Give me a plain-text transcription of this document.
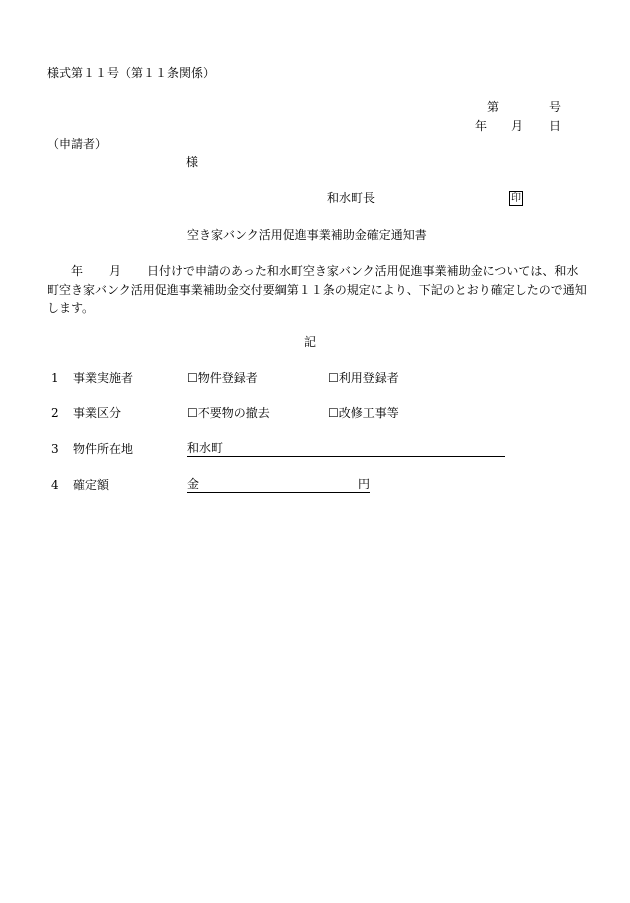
様式第１１号（第１１条関係）
第	号
年 月 日
（申請者）
様
和水町長	印
空き家バンク活用促進事業補助金確定通知書
年 月 日付けで申請のあった和水町空き家バンク活用促進事業補助金については、和水町空き家バンク活用促進事業補助金交付要綱第１１条の規定により、下記のとおり確定したので通知します。
記
1 事業実施者	☐物件登録者	☐利用登録者
2 事業区分	☐不要物の撤去	☐改修工事等
3 物件所在地	和水町
4 確定額	金	円
